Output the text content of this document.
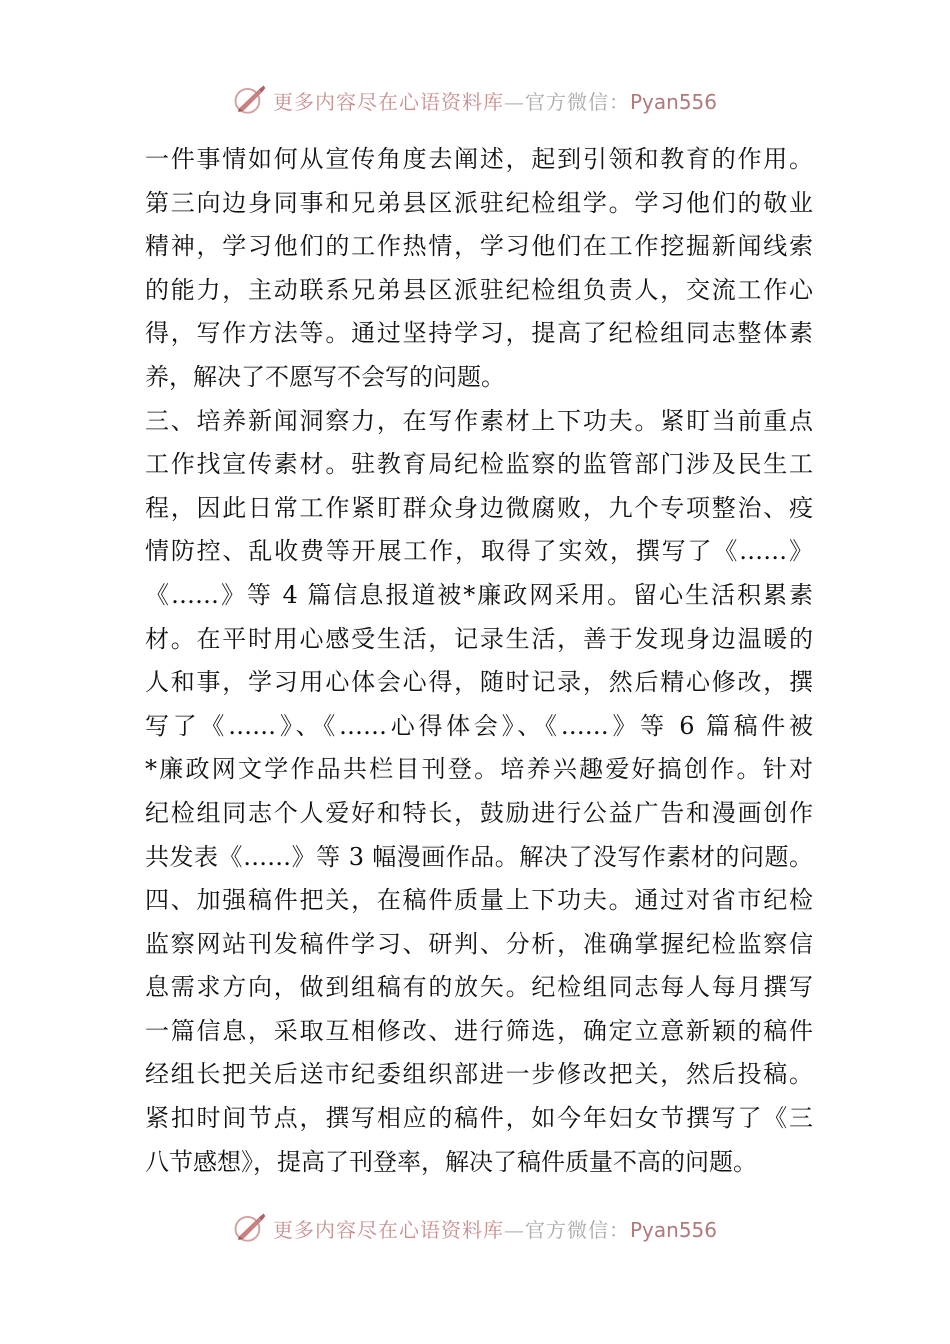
更多内容尽在心语资料库—官方微信：Pyan556
一件事情如何从宣传角度去阐述，起到引领和教育的作用。
第三向边身同事和兄弟县区派驻纪检组学。学习他们的敬业
精神，学习他们的工作热情，学习他们在工作挖掘新闻线索
的能力，主动联系兄弟县区派驻纪检组负责人，交流工作心
得，写作方法等。通过坚持学习，提高了纪检组同志整体素
养，解决了不愿写不会写的问题。
三、培养新闻洞察力，在写作素材上下功夫。紧盯当前重点
工作找宣传素材。驻教育局纪检监察的监管部门涉及民生工
程，因此日常工作紧盯群众身边微腐败，九个专项整治、疫
情防控、乱收费等开展工作，取得了实效，撰写了《……》
《……》等 4 篇信息报道被*廉政网采用。留心生活积累素
材。在平时用心感受生活，记录生活，善于发现身边温暖的
人和事，学习用心体会心得，随时记录，然后精心修改，撰
写了《……》、《……心得体会》、《……》等 6 篇稿件被
*廉政网文学作品共栏目刊登。培养兴趣爱好搞创作。针对
纪检组同志个人爱好和特长，鼓励进行公益广告和漫画创作
共发表《……》等 3 幅漫画作品。解决了没写作素材的问题。
四、加强稿件把关，在稿件质量上下功夫。通过对省市纪检
监察网站刊发稿件学习、研判、分析，准确掌握纪检监察信
息需求方向，做到组稿有的放矢。纪检组同志每人每月撰写
一篇信息，采取互相修改、进行筛选，确定立意新颖的稿件
经组长把关后送市纪委组织部进一步修改把关，然后投稿。
紧扣时间节点，撰写相应的稿件，如今年妇女节撰写了《三
八节感想》，提高了刊登率，解决了稿件质量不高的问题。
更多内容尽在心语资料库—官方微信：Pyan556
